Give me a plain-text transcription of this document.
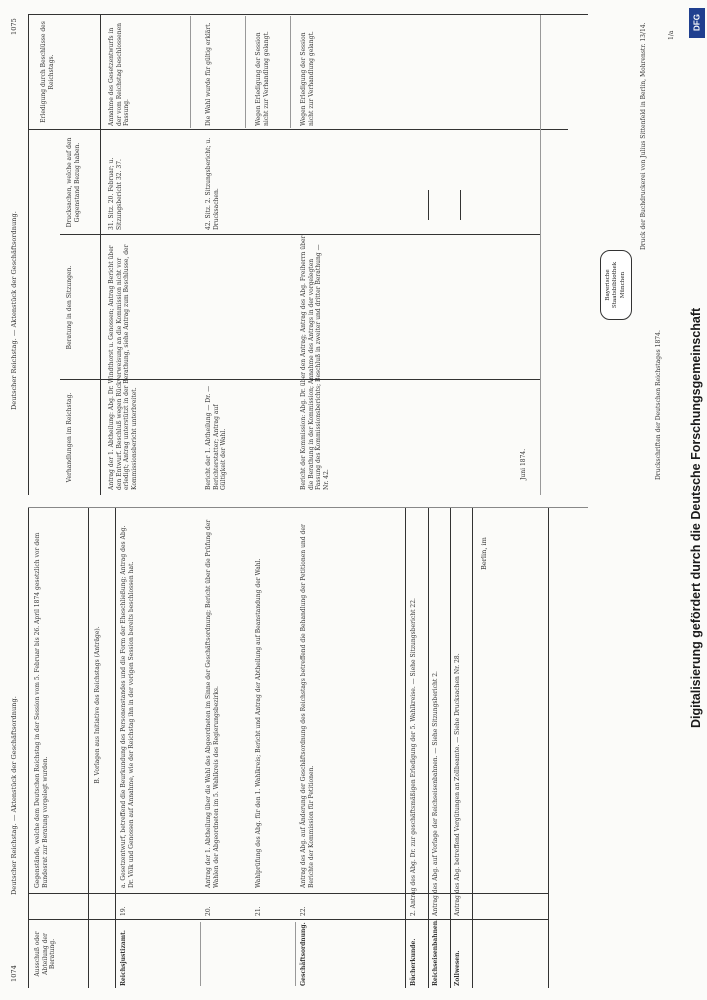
1074
Deutscher Reichstag. — Aktenstück der Geschäftsordnung.
Deutscher Reichstag. — Aktenstück der Geschäftsordnung.
1075
Ausschuß oder Abteilung der Beratung.
Gegenstände, welche dem Deutschen Reichstag in der Session vom 5. Februar bis 26. April 1874 gesetzlich vor dem Bundesrat zur Beratung vorgelegt wurden.
Verhandlungen im Reichstag.
Beratung in den Sitzungen.
Drucksachen, welche auf den Gegenstand Bezug haben.
Erledigung durch Beschlüsse des Reichstags.
B. Vorlagen aus Initiative des Reichstags (Anträge).
Reichsjustizamt.
19.
a. Gesetzentwurf, betreffend die Beurkundung des Personenstandes und die Form der Eheschließung; Antrag des Abg. Dr. Völk und Genossen auf Annahme, wie der Reichstag ihn in der vorigen Session bereits beschlossen hat.
Antrag der 1. Abtheilung: Abg. Dr. Windthorst u. Genossen; Antrag Bericht über den Entwurf. Beschluß wegen Rückverweisung an die Kommission nicht vor erledigt; Antrag unterstützt in der Berathung, siehe Antrag zum Beschlusse, der Kommissionsbericht unterbreitet.
31. Sitz. 20. Februar; u. Sitzungsbericht 32. 37.
Annahme des Gesetzentwurfs in der vom Reichstag beschlossenen Fassung.
20.
Antrag der 1. Abtheilung über die Wahl des Abgeordneten im Sinne der Geschäftsordnung; Bericht über die Prüfung der Wahlen der Abgeordneten im 5. Wahlkreis des Regierungsbezirks.
Bericht der 1. Abtheilung — Dr. — Berichterstatter; Antrag auf Gültigkeit der Wahl.
42. Sitz. 2. Sitzungsbericht; u. Drucksachen.
Die Wahl wurde für gültig erklärt.
21.
Wahlprüfung des Abg. für den 1. Wahlkreis; Bericht und Antrag der Abtheilung auf Beanstandung der Wahl.
Wegen Erledigung der Session nicht zur Verhandlung gelangt.
Geschäftsordnung.
22.
Antrag des Abg. auf Änderung der Geschäftsordnung des Reichstags betreffend die Behandlung der Petitionen und der Berichte der Kommission für Petitionen.
Bericht der Kommission: Abg. Dr. über den Antrag; Antrag des Abg. Freiherrn über die Berathung in der Kommission; Annahme des Antrags in der vorgelegten Fassung des Kommissionsberichts; Beschluß in zweiter und dritter Berathung — Nr. 42.
Wegen Erledigung der Session nicht zur Verhandlung gelangt.
Bücherkunde.
2. Antrag des Abg. Dr. zur geschäftsmäßigen Erledigung der 5. Wahlkreise. — Siehe Sitzungsbericht 22.
Reichseisenbahnen.
Antrag des Abg. auf Vorlage der Reichseisenbahnen. — Siehe Sitzungsbericht 2.
Zollwesen.
Antrag des Abg. betreffend Vergütungen an Zollbeamte. — Siehe Drucksachen Nr. 28.
Berlin, im
Juni 1874.
Bayerische Staatsbibliothek München
Druckschriften der Deutschen Reichstages 1874.
Druck der Buchdruckerei von Julius Sittenfeld in Berlin, Mohrenstr. 13/14.	1/a
Digitalisierung gefördert durch die Deutsche Forschungsgemeinschaft
DFG
